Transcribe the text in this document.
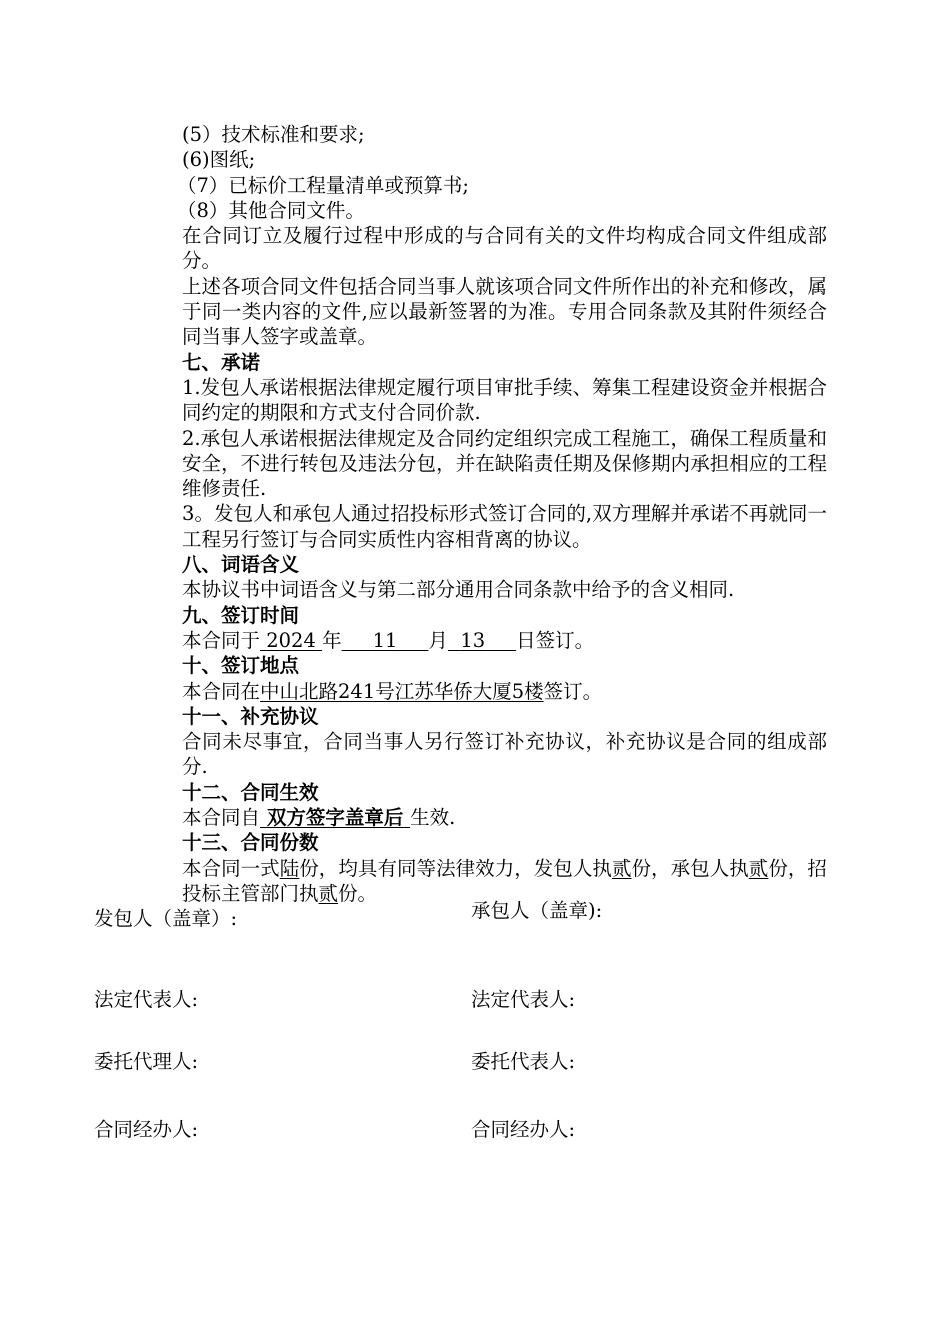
(5）技术标准和要求;

(6)图纸;

（7）已标价工程量清单或预算书;

（8）其他合同文件。

在合同订立及履行过程中形成的与合同有关的文件均构成合同文件组成部分。

上述各项合同文件包括合同当事人就该项合同文件所作出的补充和修改，属于同一类内容的文件,应以最新签署的为准。专用合同条款及其附件须经合同当事人签字或盖章。

七、承诺

1.发包人承诺根据法律规定履行项目审批手续、筹集工程建设资金并根据合同约定的期限和方式支付合同价款.

2.承包人承诺根据法律规定及合同约定组织完成工程施工，确保工程质量和安全，不进行转包及违法分包，并在缺陷责任期及保修期内承担相应的工程维修责任.

3。发包人和承包人通过招投标形式签订合同的,双方理解并承诺不再就同一工程另行签订与合同实质性内容相背离的协议。

八、词语含义

本协议书中词语含义与第二部分通用合同条款中给予的含义相同.

九、签订时间

本合同于 2024 年 11 月 13 日签订。

十、签订地点

本合同在中山北路241号江苏华侨大厦5楼签订。

十一、补充协议

合同未尽事宜，合同当事人另行签订补充协议，补充协议是合同的组成部分.

十二、合同生效

本合同自 双方签字盖章后 生效.

十三、合同份数

本合同一式陆份，均具有同等法律效力，发包人执贰份，承包人执贰份，招投标主管部门执贰份。

发包人（盖章）:	承包人（盖章):
法定代表人:	法定代表人:
委托代理人:	委托代表人:
合同经办人:	合同经办人:
